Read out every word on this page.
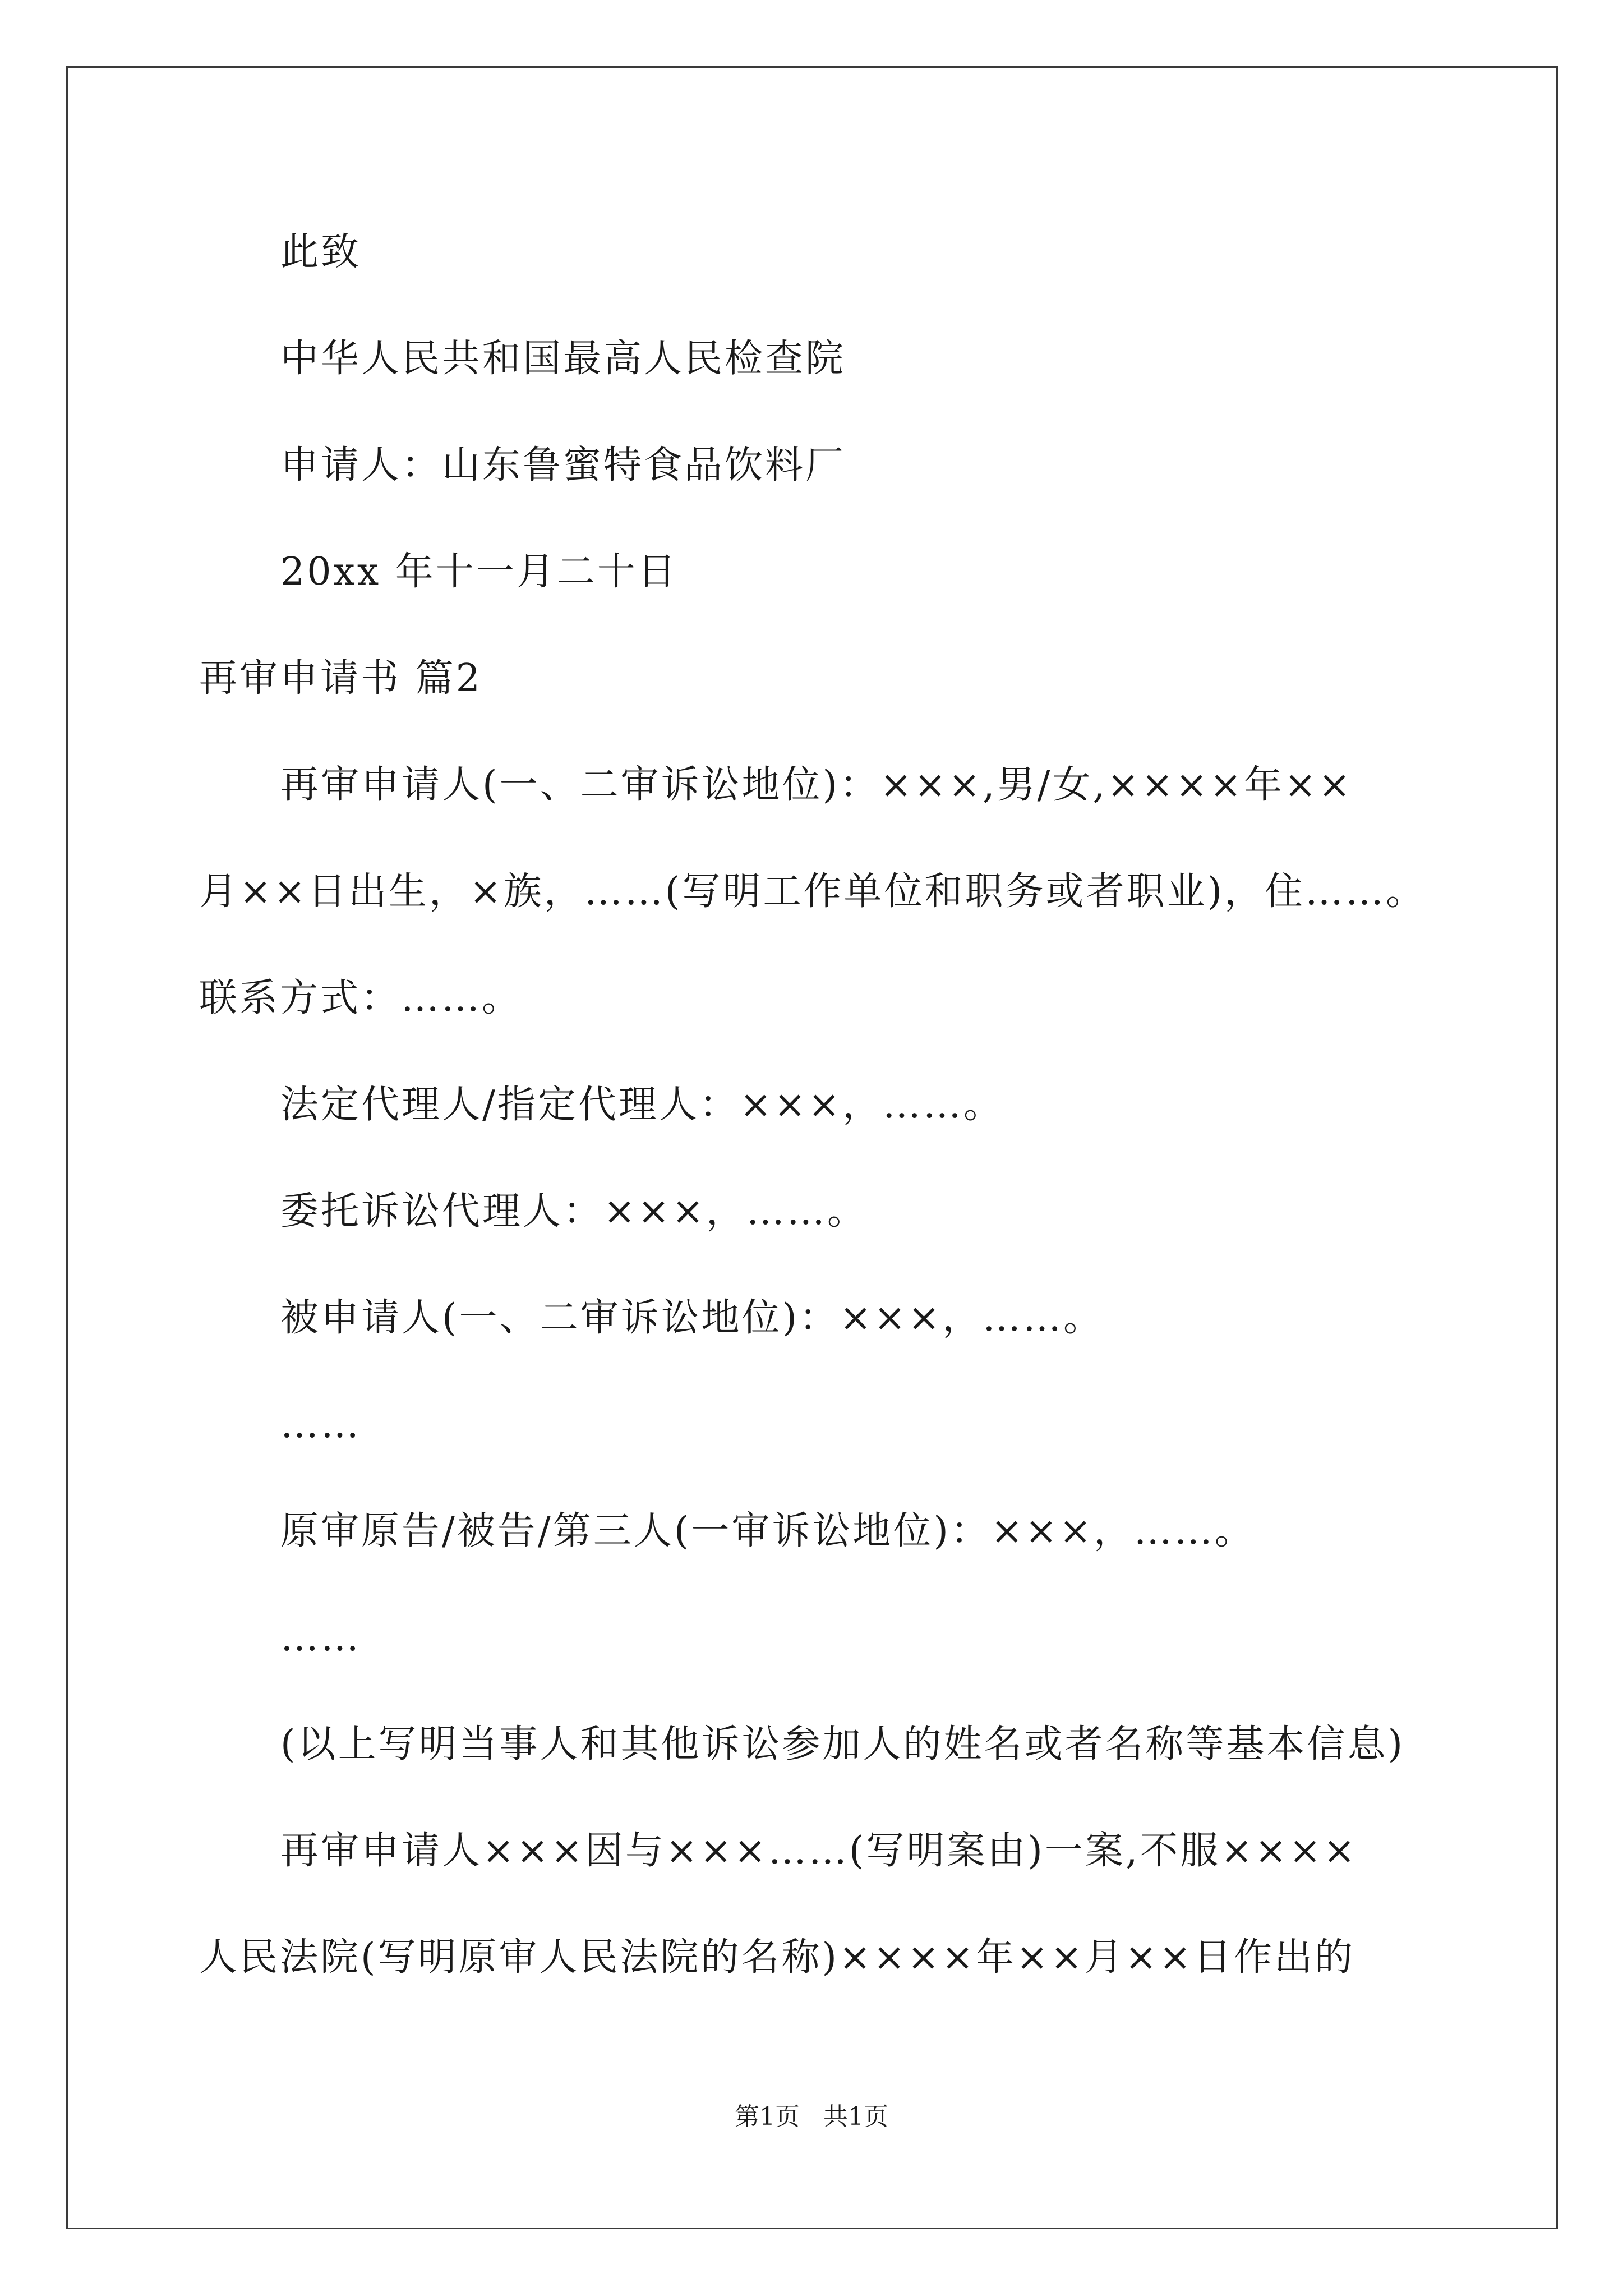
此致
中华人民共和国最高人民检查院
申请人：山东鲁蜜特食品饮料厂
20xx 年十一月二十日
再审申请书 篇2
再审申请人(一、二审诉讼地位)：×××,男/女,××××年××
月××日出生，×族，……(写明工作单位和职务或者职业)，住……。
联系方式：……。
法定代理人/指定代理人：×××，……。
委托诉讼代理人：×××，……。
被申请人(一、二审诉讼地位)：×××，……。
……
原审原告/被告/第三人(一审诉讼地位)：×××，……。
……
(以上写明当事人和其他诉讼参加人的姓名或者名称等基本信息)
再审申请人×××因与×××……(写明案由)一案,不服××××
人民法院(写明原审人民法院的名称)××××年××月××日作出的
第1页 共1页
